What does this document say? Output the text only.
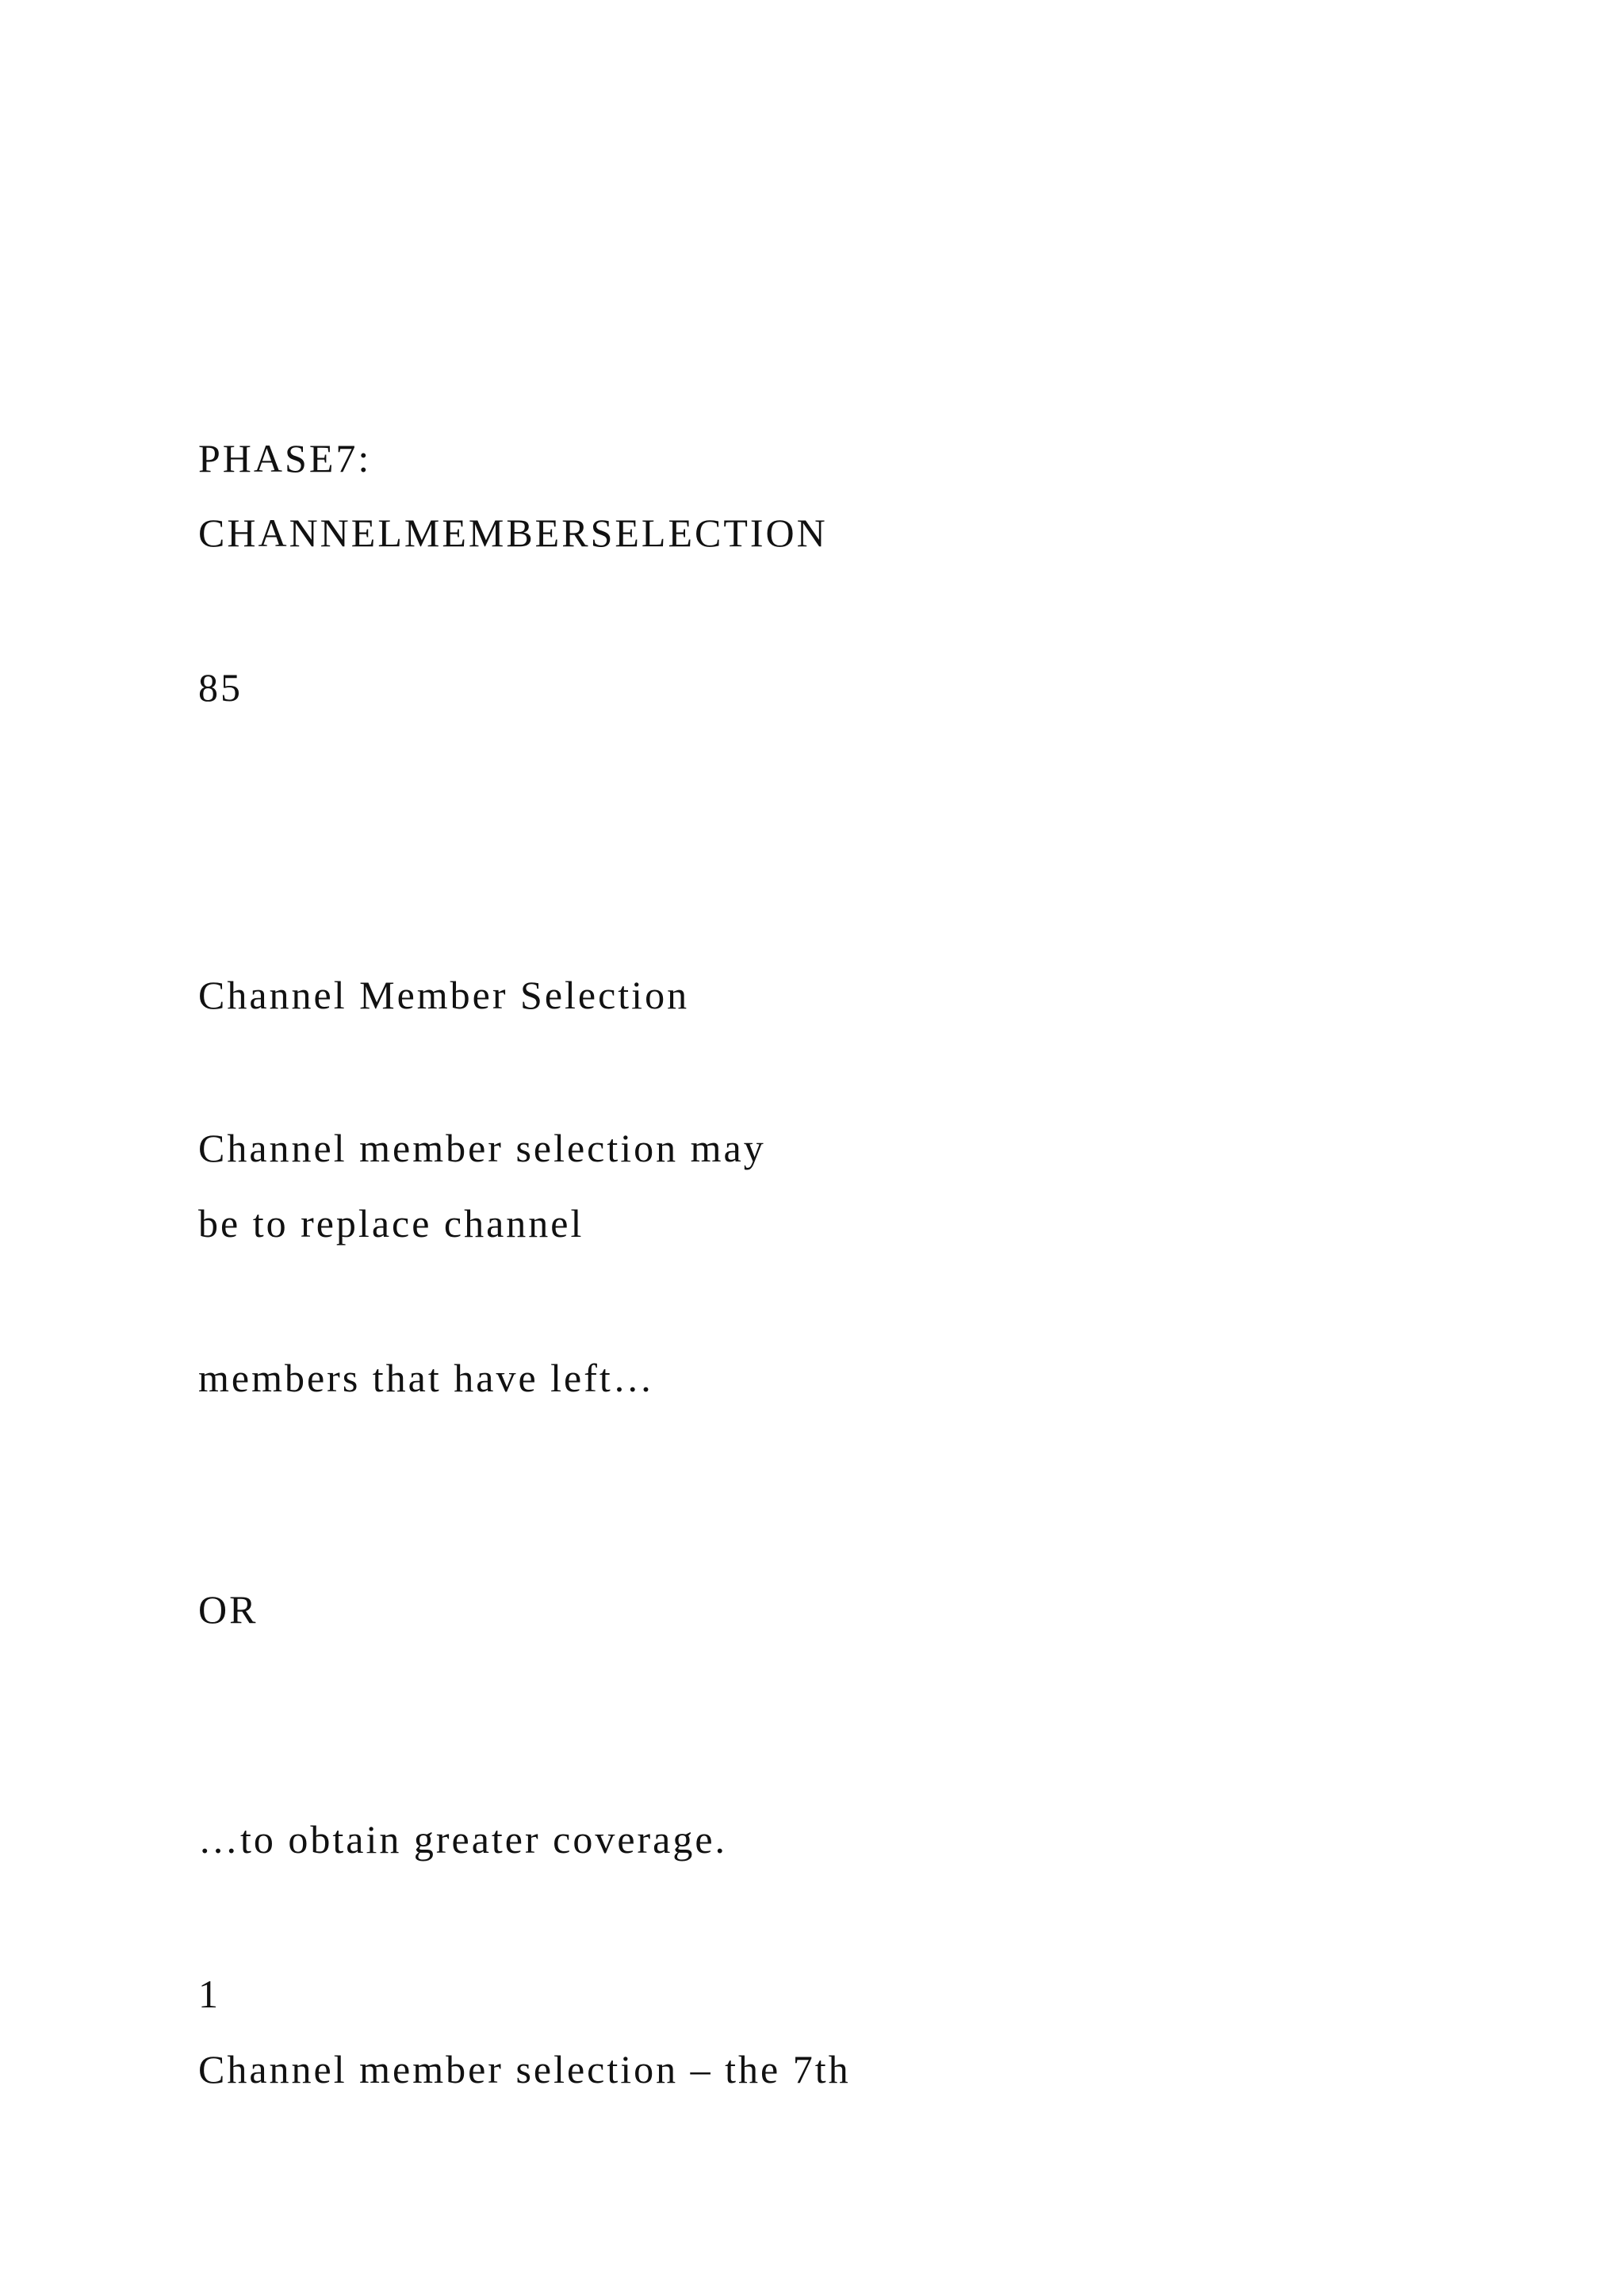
PHASE7:
CHANNELMEMBERSELECTION
85
Channel Member Selection

Channel member selection may

be to replace channel

members that have left…

OR

…to obtain greater coverage.

1

Channel member selection – the 7th
